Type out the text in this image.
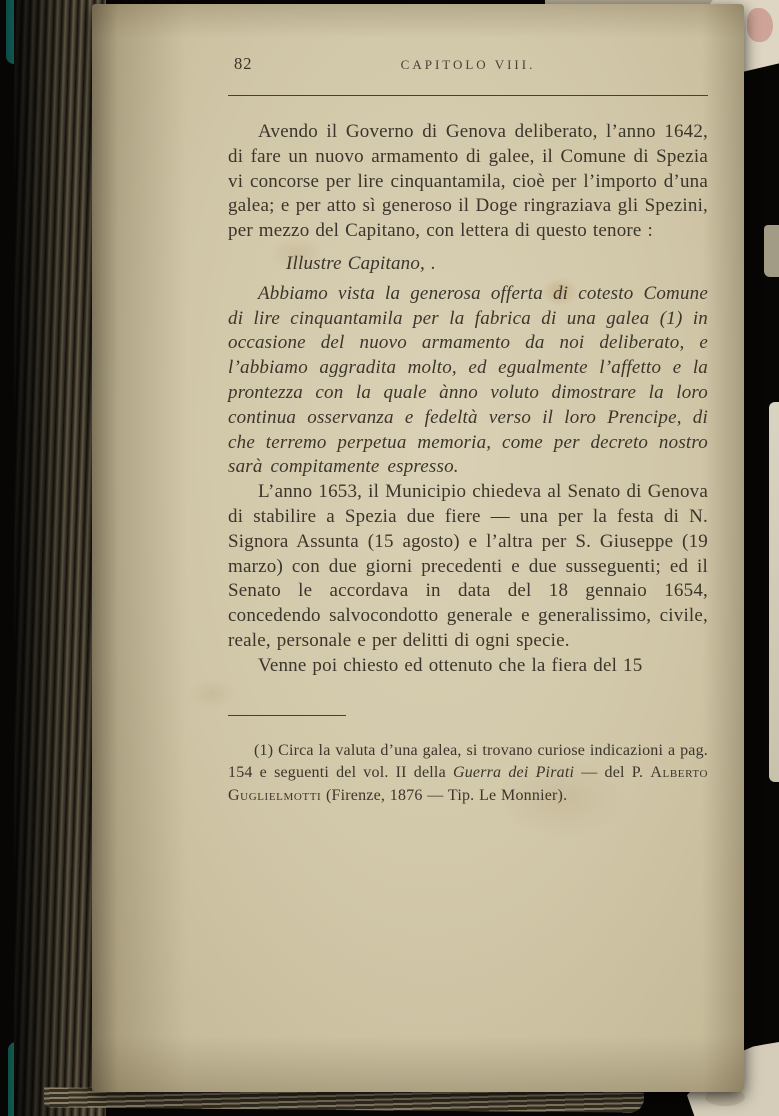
82	CAPITOLO VIII.

Avendo il Governo di Genova deliberato, l’anno 1642, di fare un nuovo armamento di galee, il Comune di Spezia vi concorse per lire cinquantamila, cioè per l’importo d’una galea; e per atto sì generoso il Doge ringraziava gli Spezini, per mezzo del Capitano, con lettera di questo tenore :

Illustre Capitano, .

Abbiamo vista la generosa offerta di cotesto Comune di lire cinquantamila per la fabrica di una galea (1) in occasione del nuovo armamento da noi deliberato, e l’abbiamo aggradita molto, ed egualmente l’affetto e la prontezza con la quale ànno voluto dimostrare la loro continua osservanza e fedeltà verso il loro Prencipe, di che terremo perpetua memoria, come per decreto nostro sarà compitamente espresso.

L’anno 1653, il Municipio chiedeva al Senato di Genova di stabilire a Spezia due fiere — una per la festa di N. Signora Assunta (15 agosto) e l’altra per S. Giuseppe (19 marzo) con due giorni precedenti e due susseguenti; ed il Senato le accordava in data del 18 gennaio 1654, concedendo salvocondotto generale e generalissimo, civile, reale, personale e per delitti di ogni specie.

Venne poi chiesto ed ottenuto che la fiera del 15

(1) Circa la valuta d’una galea, si trovano curiose indicazioni a pag. 154 e seguenti del vol. II della Guerra dei Pirati — del P. Alberto Guglielmotti (Firenze, 1876 — Tip. Le Monnier).
